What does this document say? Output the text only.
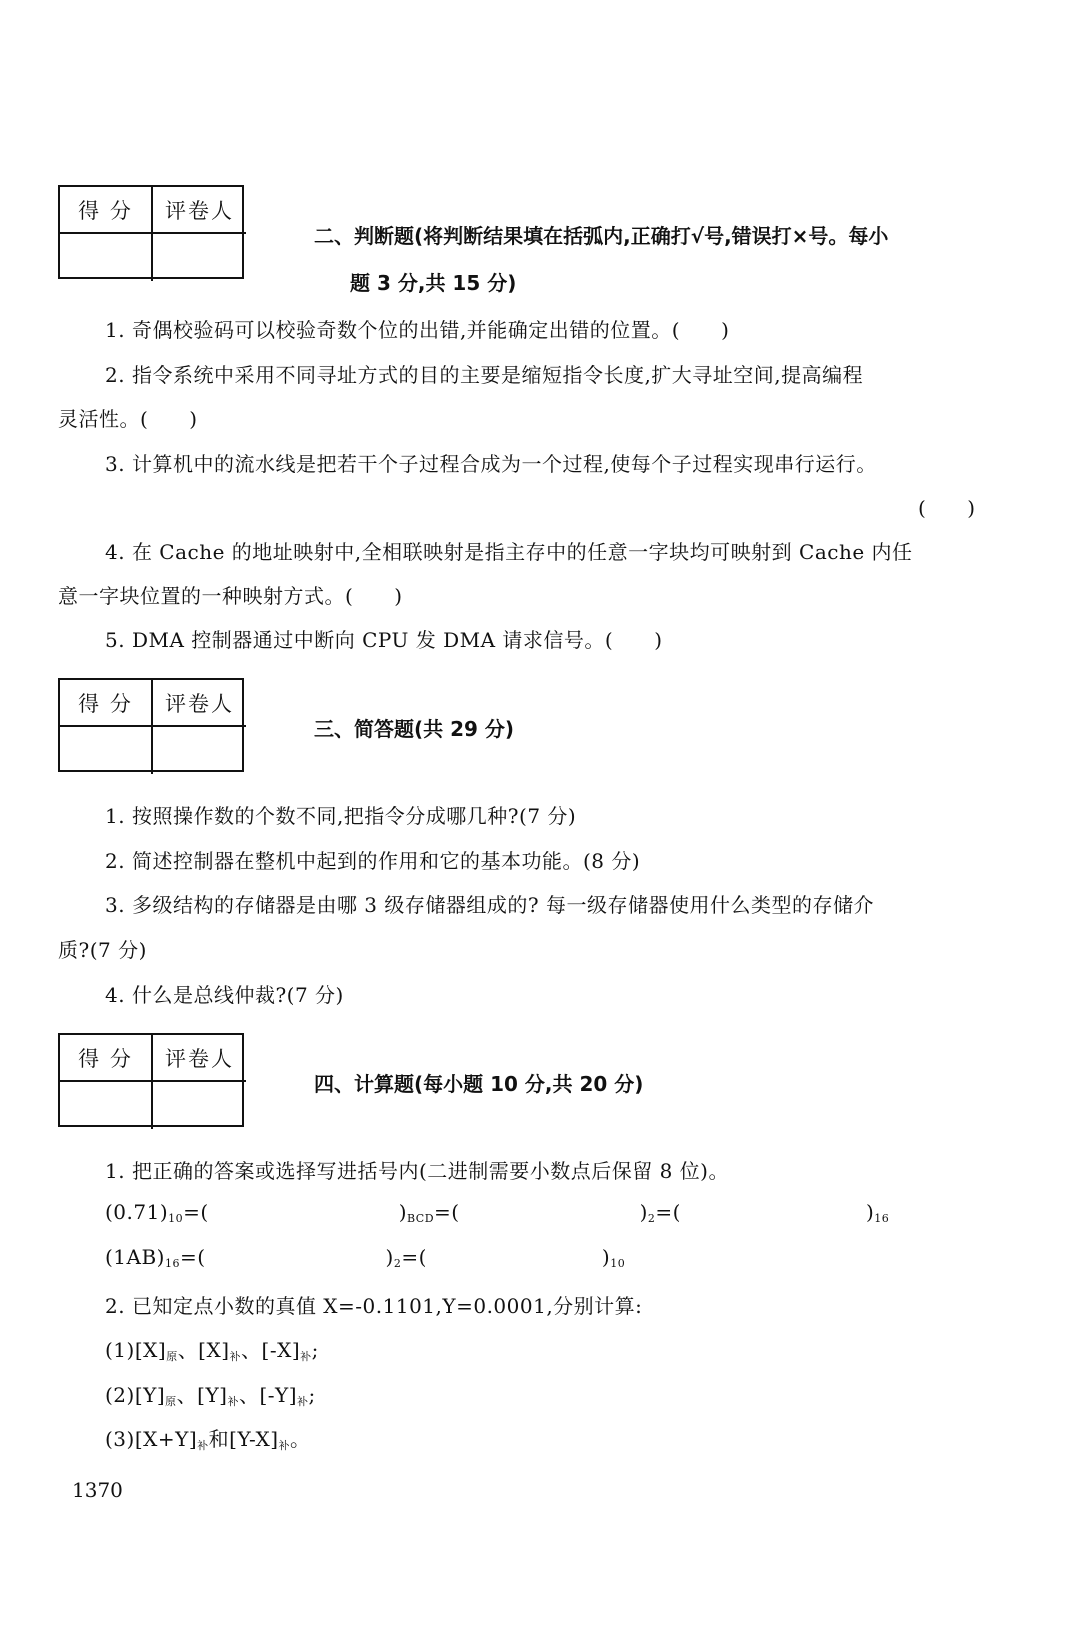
得 分	评卷人
二、判断题(将判断结果填在括弧内,正确打√号,错误打×号。每小
题 3 分,共 15 分)
1. 奇偶校验码可以校验奇数个位的出错,并能确定出错的位置。(　　)
2. 指令系统中采用不同寻址方式的目的主要是缩短指令长度,扩大寻址空间,提高编程
灵活性。(　　)
3. 计算机中的流水线是把若干个子过程合成为一个过程,使每个子过程实现串行运行。
(　　)
4. 在 Cache 的地址映射中,全相联映射是指主存中的任意一字块均可映射到 Cache 内任
意一字块位置的一种映射方式。(　　)
5. DMA 控制器通过中断向 CPU 发 DMA 请求信号。(　　)
得 分	评卷人
三、简答题(共 29 分)
1. 按照操作数的个数不同,把指令分成哪几种?(7 分)
2. 简述控制器在整机中起到的作用和它的基本功能。(8 分)
3. 多级结构的存储器是由哪 3 级存储器组成的? 每一级存储器使用什么类型的存储介
质?(7 分)
4. 什么是总线仲裁?(7 分)
得 分	评卷人
四、计算题(每小题 10 分,共 20 分)
1. 把正确的答案或选择写进括号内(二进制需要小数点后保留 8 位)。
$(0.71)_{10}=$(	)$_{BCD}=$(	)$_2=$(	)$_{16}$
$(1AB)_{16}=$(	)$_2=$(	)$_{10}$
2. 已知定点小数的真值 X=-0.1101,Y=0.0001,分别计算:
$(1)[X]_原$、$[X]_补$、$[-X]_补$;
$(2)[Y]_原$、$[Y]_补$、$[-Y]_补$;
$(3)[X+Y]_补$和$[Y-X]_补$。
1370
